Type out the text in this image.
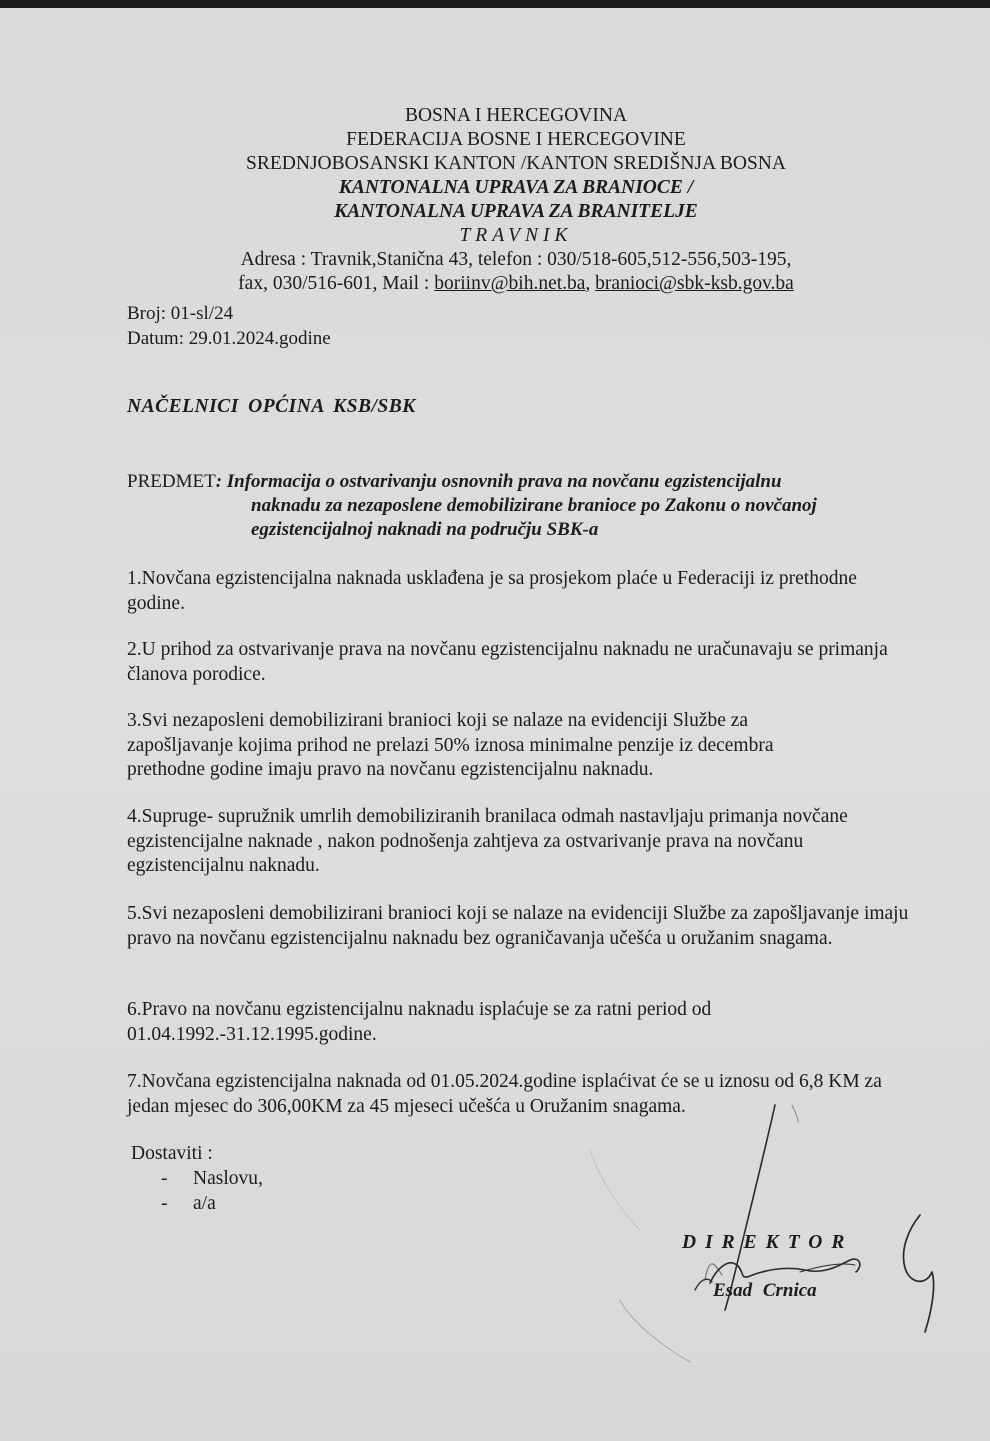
BOSNA I HERCEGOVINA
FEDERACIJA BOSNE I HERCEGOVINE
SREDNJOBOSANSKI KANTON /KANTON SREDIŠNJA BOSNA
KANTONALNA UPRAVA ZA BRANIOCE /
KANTONALNA UPRAVA ZA BRANITELJE
TRAVNIK
Adresa : Travnik,Stanična 43, telefon : 030/518-605,512-556,503-195,
fax, 030/516-601, Mail : boriinv@bih.net.ba, branioci@sbk-ksb.gov.ba
Broj: 01-sl/24
Datum: 29.01.2024.godine
NAČELNICI OPĆINA KSB/SBK
PREDMET: Informacija o ostvarivanju osnovnih prava na novčanu egzistencijalnu
naknadu za nezaposlene demobilizirane branioce po Zakonu o novčanoj
egzistencijalnoj naknadi na području SBK-a
1.Novčana egzistencijalna naknada usklađena je sa prosjekom plaće u Federaciji iz prethodne godine.
2.U prihod za ostvarivanje prava na novčanu egzistencijalnu naknadu ne uračunavaju se primanja članova porodice.
3.Svi nezaposleni demobilizirani branioci koji se nalaze na evidenciji Službe za zapošljavanje kojima prihod ne prelazi 50% iznosa minimalne penzije iz decembra prethodne godine imaju pravo na novčanu egzistencijalnu naknadu.
4.Supruge- supružnik umrlih demobiliziranih branilaca odmah nastavljaju primanja novčane egzistencijalne naknade , nakon podnošenja zahtjeva za ostvarivanje prava na novčanu egzistencijalnu naknadu.
5.Svi nezaposleni demobilizirani branioci koji se nalaze na evidenciji Službe za zapošljavanje imaju pravo na novčanu egzistencijalnu naknadu bez ograničavanja učešća u oružanim snagama.
6.Pravo na novčanu egzistencijalnu naknadu isplaćuje se za ratni period od 01.04.1992.-31.12.1995.godine.
7.Novčana egzistencijalna naknada od 01.05.2024.godine isplaćivat će se u iznosu od 6,8 KM za jedan mjesec do 306,00KM za 45 mjeseci učešća u Oružanim snagama.
Dostaviti :
- Naslovu,
- a/a
DIREKTOR
Esad Crnica
